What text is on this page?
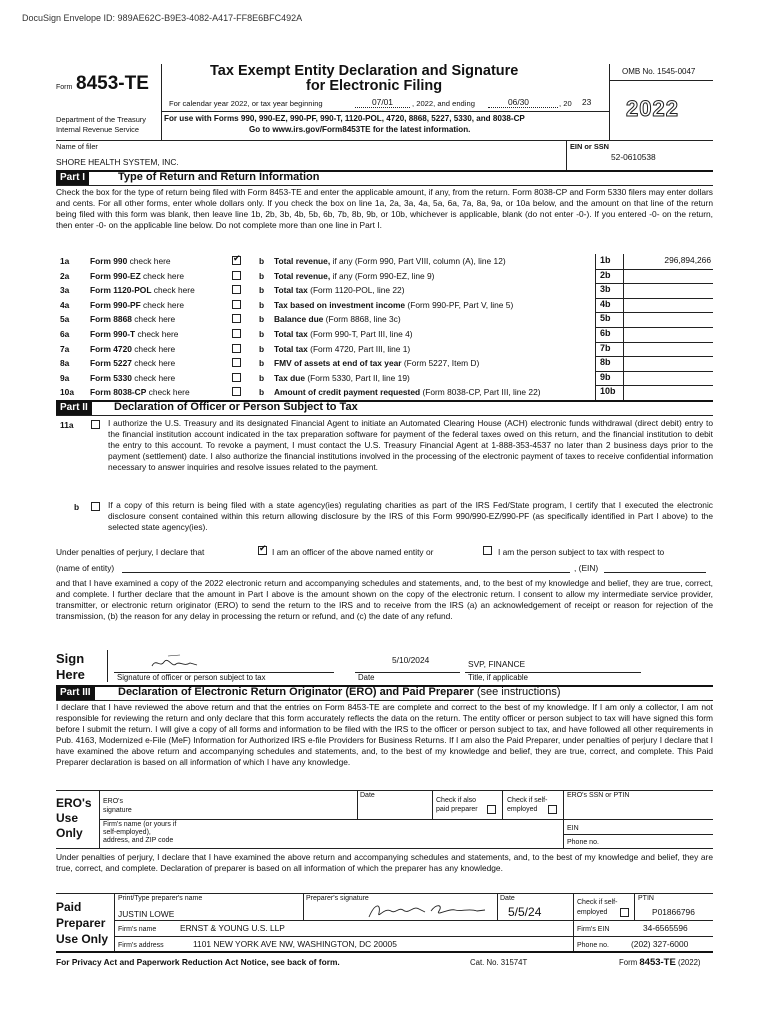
DocuSign Envelope ID: 989AE62C-B9E3-4082-A417-FF8E6BFC492A
Form 8453-TE
Department of the Treasury
Internal Revenue Service
Tax Exempt Entity Declaration and Signature
for Electronic Filing
For calendar year 2022, or tax year beginning	07/01	, 2022, and ending	06/30	, 20 23
For use with Forms 990, 990-EZ, 990-PF, 990-T, 1120-POL, 4720, 8868, 5227, 5330, and 8038-CP
Go to www.irs.gov/Form8453TE for the latest information.
OMB No. 1545-0047
2022
Name of filer
SHORE HEALTH SYSTEM, INC.
EIN or SSN
52-0610538
Part I	Type of Return and Return Information
Check the box for the type of return being filed with Form 8453-TE and enter the applicable amount, if any, from the return. Form 8038-CP and Form 5330 filers may enter dollars and cents. For all other forms, enter whole dollars only. If you check the box on line 1a, 2a, 3a, 4a, 5a, 6a, 7a, 8a, 9a, or 10a below, and the amount on that line of the return being filed with this form was blank, then leave line 1b, 2b, 3b, 4b, 5b, 6b, 7b, 8b, 9b, or 10b, whichever is applicable, blank (do not enter -0-). If you entered -0- on the return, then enter -0- on the applicable line below. Do not complete more than one line in Part I.
1a Form 990 check here ✔	b Total revenue, if any (Form 990, Part VIII, column (A), line 12)	1b	296,894,266
2a Form 990-EZ check here	b Total revenue, if any (Form 990-EZ, line 9)	2b
3a Form 1120-POL check here	b Total tax (Form 1120-POL, line 22)	3b
4a Form 990-PF check here	b Tax based on investment income (Form 990-PF, Part V, line 5)	4b
5a Form 8868 check here	b Balance due (Form 8868, line 3c)	5b
6a Form 990-T check here	b Total tax (Form 990-T, Part III, line 4)	6b
7a Form 4720 check here	b Total tax (Form 4720, Part III, line 1)	7b
8a Form 5227 check here	b FMV of assets at end of tax year (Form 5227, Item D)	8b
9a Form 5330 check here	b Tax due (Form 5330, Part II, line 19)	9b
10a Form 8038-CP check here	b Amount of credit payment requested (Form 8038-CP, Part III, line 22)	10b
Part II	Declaration of Officer or Person Subject to Tax
11a	I authorize the U.S. Treasury and its designated Financial Agent to initiate an Automated Clearing House (ACH) electronic funds withdrawal (direct debit) entry to the financial institution account indicated in the tax preparation software for payment of the federal taxes owed on this return, and the financial institution to debit the entry to this account. To revoke a payment, I must contact the U.S. Treasury Financial Agent at 1-888-353-4537 no later than 2 business days prior to the payment (settlement) date. I also authorize the financial institutions involved in the processing of the electronic payment of taxes to receive confidential information necessary to answer inquiries and resolve issues related to the payment.
b	If a copy of this return is being filed with a state agency(ies) regulating charities as part of the IRS Fed/State program, I certify that I executed the electronic disclosure consent contained within this return allowing disclosure by the IRS of this Form 990/990-EZ/990-PF (as specifically identified in Part I above) to the selected state agency(ies).
Under penalties of perjury, I declare that ✔	I am an officer of the above named entity or	I am the person subject to tax with respect to
(name of entity)	, (EIN)
and that I have examined a copy of the 2022 electronic return and accompanying schedules and statements, and, to the best of my knowledge and belief, they are true, correct, and complete. I further declare that the amount in Part I above is the amount shown on the copy of the electronic return. I consent to allow my intermediate service provider, transmitter, or electronic return originator (ERO) to send the return to the IRS and to receive from the IRS (a) an acknowledgement of receipt or reason for rejection of the transmission, (b) the reason for any delay in processing the return or refund, and (c) the date of any refund.
Sign
Here	Signature of officer or person subject to tax
5/10/2024
Date
SVP, FINANCE
Title, if applicable
Part III	Declaration of Electronic Return Originator (ERO) and Paid Preparer (see instructions)
I declare that I have reviewed the above return and that the entries on Form 8453-TE are complete and correct to the best of my knowledge. If I am only a collector, I am not responsible for reviewing the return and only declare that this form accurately reflects the data on the return. The entity officer or person subject to tax will have signed this form before I submit the return. I will give a copy of all forms and information to be filed with the IRS to the officer or person subject to tax, and have followed all other requirements in Pub. 4163, Modernized e-File (MeF) Information for Authorized IRS e-file Providers for Business Returns. If I am also the Paid Preparer, under penalties of perjury I declare that I have examined the above return and accompanying schedules and statements, and, to the best of my knowledge and belief, they are true, correct, and complete. This Paid Preparer declaration is based on all information of which I have any knowledge.
ERO's
Use
Only
ERO's
signature
Date
Check if also
paid preparer
Check if self-
employed
ERO's SSN or PTIN
Firm's name (or yours if
self-employed),
address, and ZIP code
EIN
Phone no.
Under penalties of perjury, I declare that I have examined the above return and accompanying schedules and statements, and, to the best of my knowledge and belief, they are true, correct, and complete. Declaration of preparer is based on all information of which the preparer has any knowledge.
Paid
Preparer
Use Only
Print/Type preparer's name
JUSTIN LOWE
Preparer's signature	Date
5/5/24
Check if self-
employed
PTIN
P01866796
Firm's name	ERNST & YOUNG U.S. LLP	Firm's EIN	34-6565596
Firm's address	1101 NEW YORK AVE NW, WASHINGTON, DC 20005	Phone no.	(202) 327-6000
For Privacy Act and Paperwork Reduction Act Notice, see back of form.	Cat. No. 31574T	Form 8453-TE (2022)
